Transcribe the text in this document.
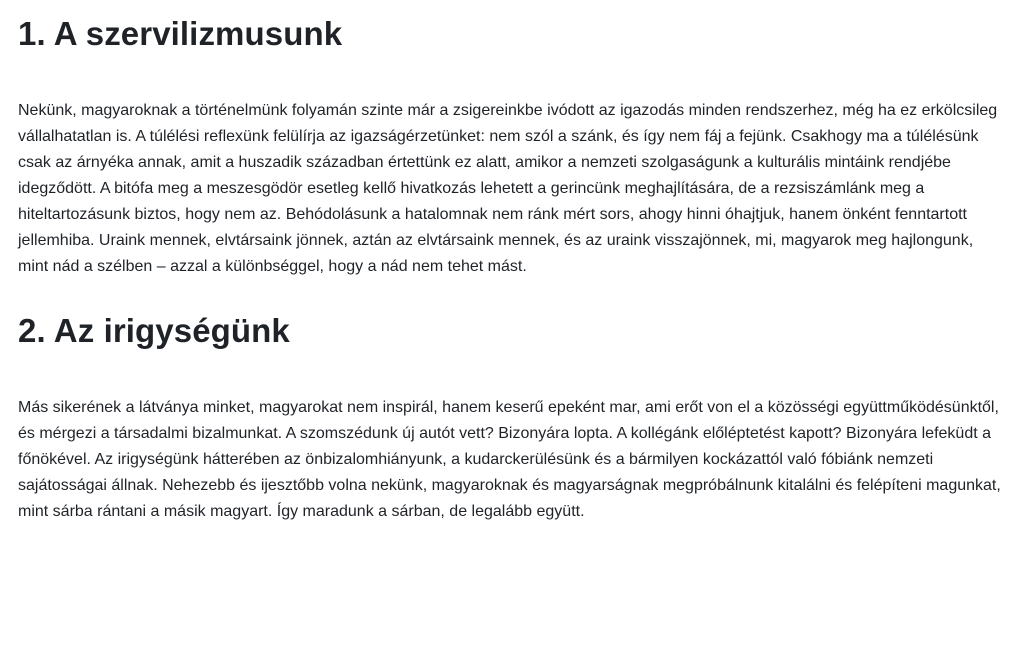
1. A szervilizmusunk

Nekünk, magyaroknak a történelmünk folyamán szinte már a zsigereinkbe ivódott az igazodás minden rendszerhez, még ha ez erkölcsileg vállalhatatlan is. A túlélési reflexünk felülírja az igazságérzetünket: nem szól a szánk, és így nem fáj a fejünk. Csakhogy ma a túlélésünk csak az árnyéka annak, amit a huszadik században értettünk ez alatt, amikor a nemzeti szolgaságunk a kulturális mintáink rendjébe idegződött. A bitófa meg a meszesgödör esetleg kellő hivatkozás lehetett a gerincünk meghajlítására, de a rezsiszámlánk meg a hiteltartozásunk biztos, hogy nem az. Behódolásunk a hatalomnak nem ránk mért sors, ahogy hinni óhajtjuk, hanem önként fenntartott jellemhiba. Uraink mennek, elvtársaink jönnek, aztán az elvtársaink mennek, és az uraink visszajönnek, mi, magyarok meg hajlongunk, mint nád a szélben – azzal a különbséggel, hogy a nád nem tehet mást.

2. Az irigységünk

Más sikerének a látványa minket, magyarokat nem inspirál, hanem keserű epeként mar, ami erőt von el a közösségi együttműködésünktől, és mérgezi a társadalmi bizalmunkat. A szomszédunk új autót vett? Bizonyára lopta. A kollégánk előléptetést kapott? Bizonyára lefeküdt a főnökével. Az irigységünk hátterében az önbizalomhiányunk, a kudarckerülésünk és a bármilyen kockázattól való fóbiánk nemzeti sajátosságai állnak. Nehezebb és ijesztőbb volna nekünk, magyaroknak és magyarságnak megpróbálnunk kitalálni és felépíteni magunkat, mint sárba rántani a másik magyart. Így maradunk a sárban, de legalább együtt.
